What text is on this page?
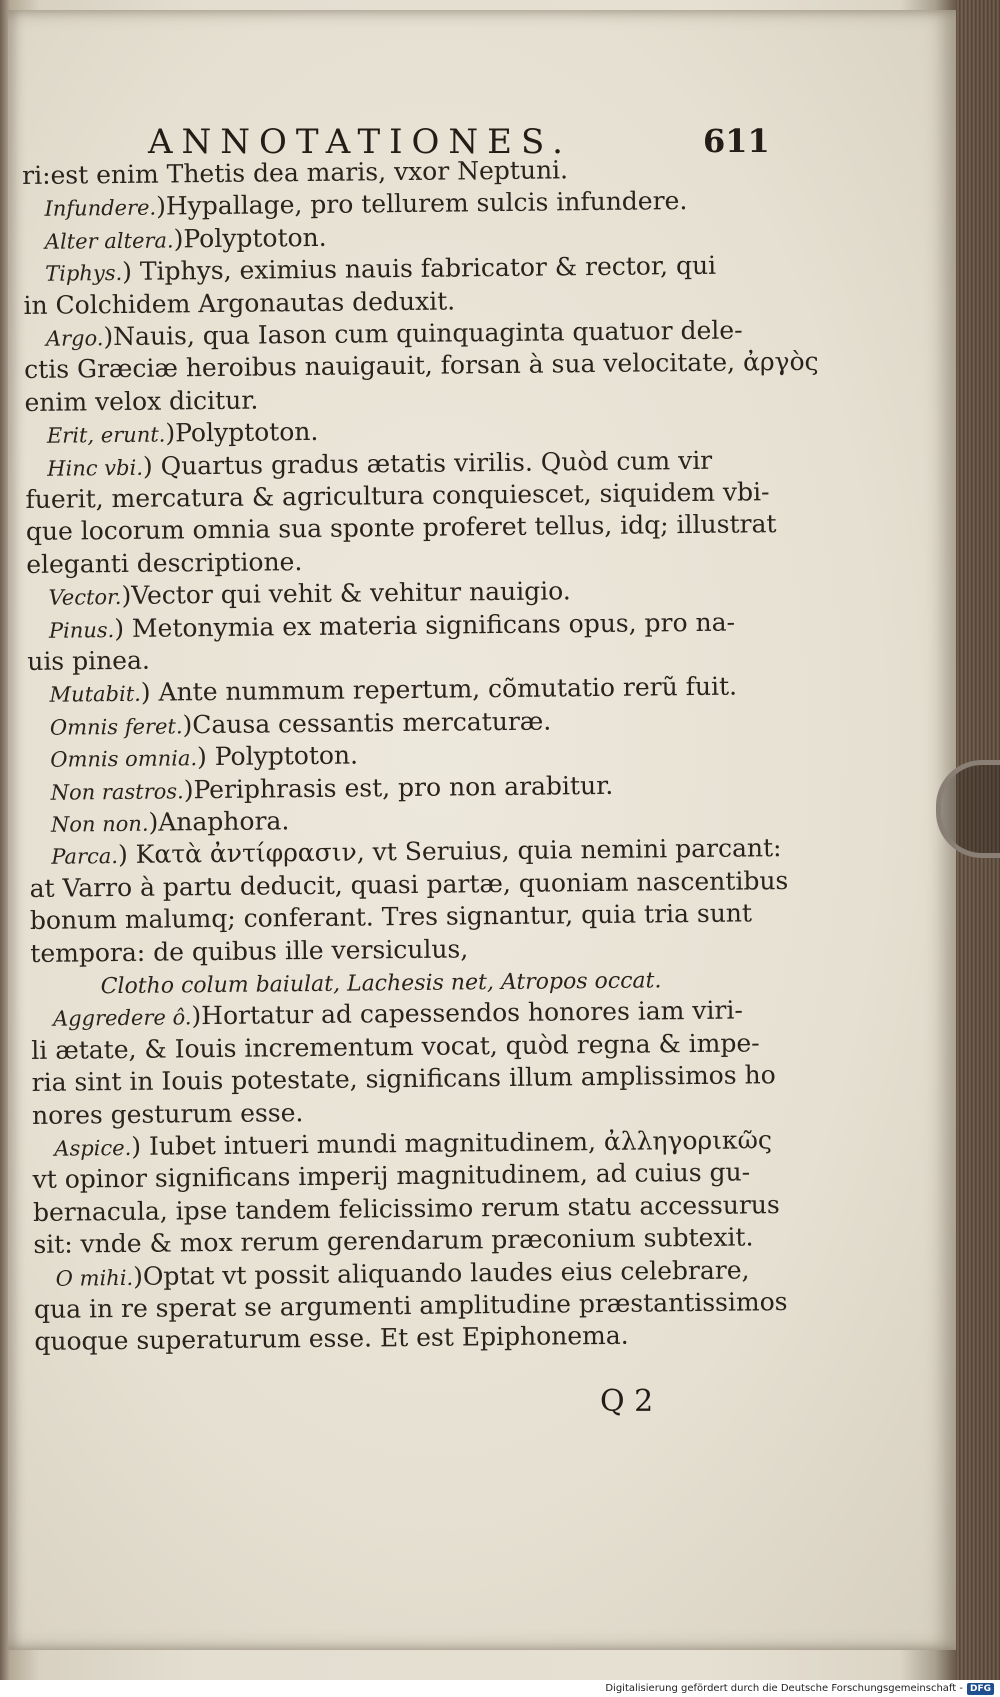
ANNOTATIONES.	611
ri:est enim Thetis dea maris, vxor Neptuni.
Infundere.)Hypallage, pro tellurem sulcis infundere.
Alter altera.)Polyptoton.
Tiphys.) Tiphys, eximius nauis fabricator & rector, qui
in Colchidem Argonautas deduxit.
Argo.)Nauis, qua Iason cum quinquaginta quatuor dele-
ctis Græciæ heroibus nauigauit, forsan à sua velocitate, ἀργὸς
enim velox dicitur.
Erit, erunt.)Polyptoton.
Hinc vbi.) Quartus gradus ætatis virilis. Quòd cum vir
fuerit, mercatura & agricultura conquiescet, siquidem vbi-
que locorum omnia sua sponte proferet tellus, idq; illustrat
eleganti descriptione.
Vector.)Vector qui vehit & vehitur nauigio.
Pinus.) Metonymia ex materia significans opus, pro na-
uis pinea.
Mutabit.) Ante nummum repertum, cõmutatio rerũ fuit.
Omnis feret.)Causa cessantis mercaturæ.
Omnis omnia.) Polyptoton.
Non rastros.)Periphrasis est, pro non arabitur.
Non non.)Anaphora.
Parca.) Κατὰ ἀντίφρασιν, vt Seruius, quia nemini parcant:
at Varro à partu deducit, quasi partæ, quoniam nascentibus
bonum malumq; conferant. Tres signantur, quia tria sunt
tempora: de quibus ille versiculus,
Clotho colum baiulat, Lachesis net, Atropos occat.
Aggredere ô.)Hortatur ad capessendos honores iam viri-
li ætate, & Iouis incrementum vocat, quòd regna & impe-
ria sint in Iouis potestate, significans illum amplissimos ho
nores gesturum esse.
Aspice.) Iubet intueri mundi magnitudinem, ἀλληγορικῶς
vt opinor significans imperij magnitudinem, ad cuius gu-
bernacula, ipse tandem felicissimo rerum statu accessurus
sit: vnde & mox rerum gerendarum præconium subtexit.
O mihi.)Optat vt possit aliquando laudes eius celebrare,
qua in re sperat se argumenti amplitudine præstantissimos
quoque superaturum esse. Et est Epiphonema.
Q 2
Digitalisierung gefördert durch die Deutsche Forschungsgemeinschaft - DFG
